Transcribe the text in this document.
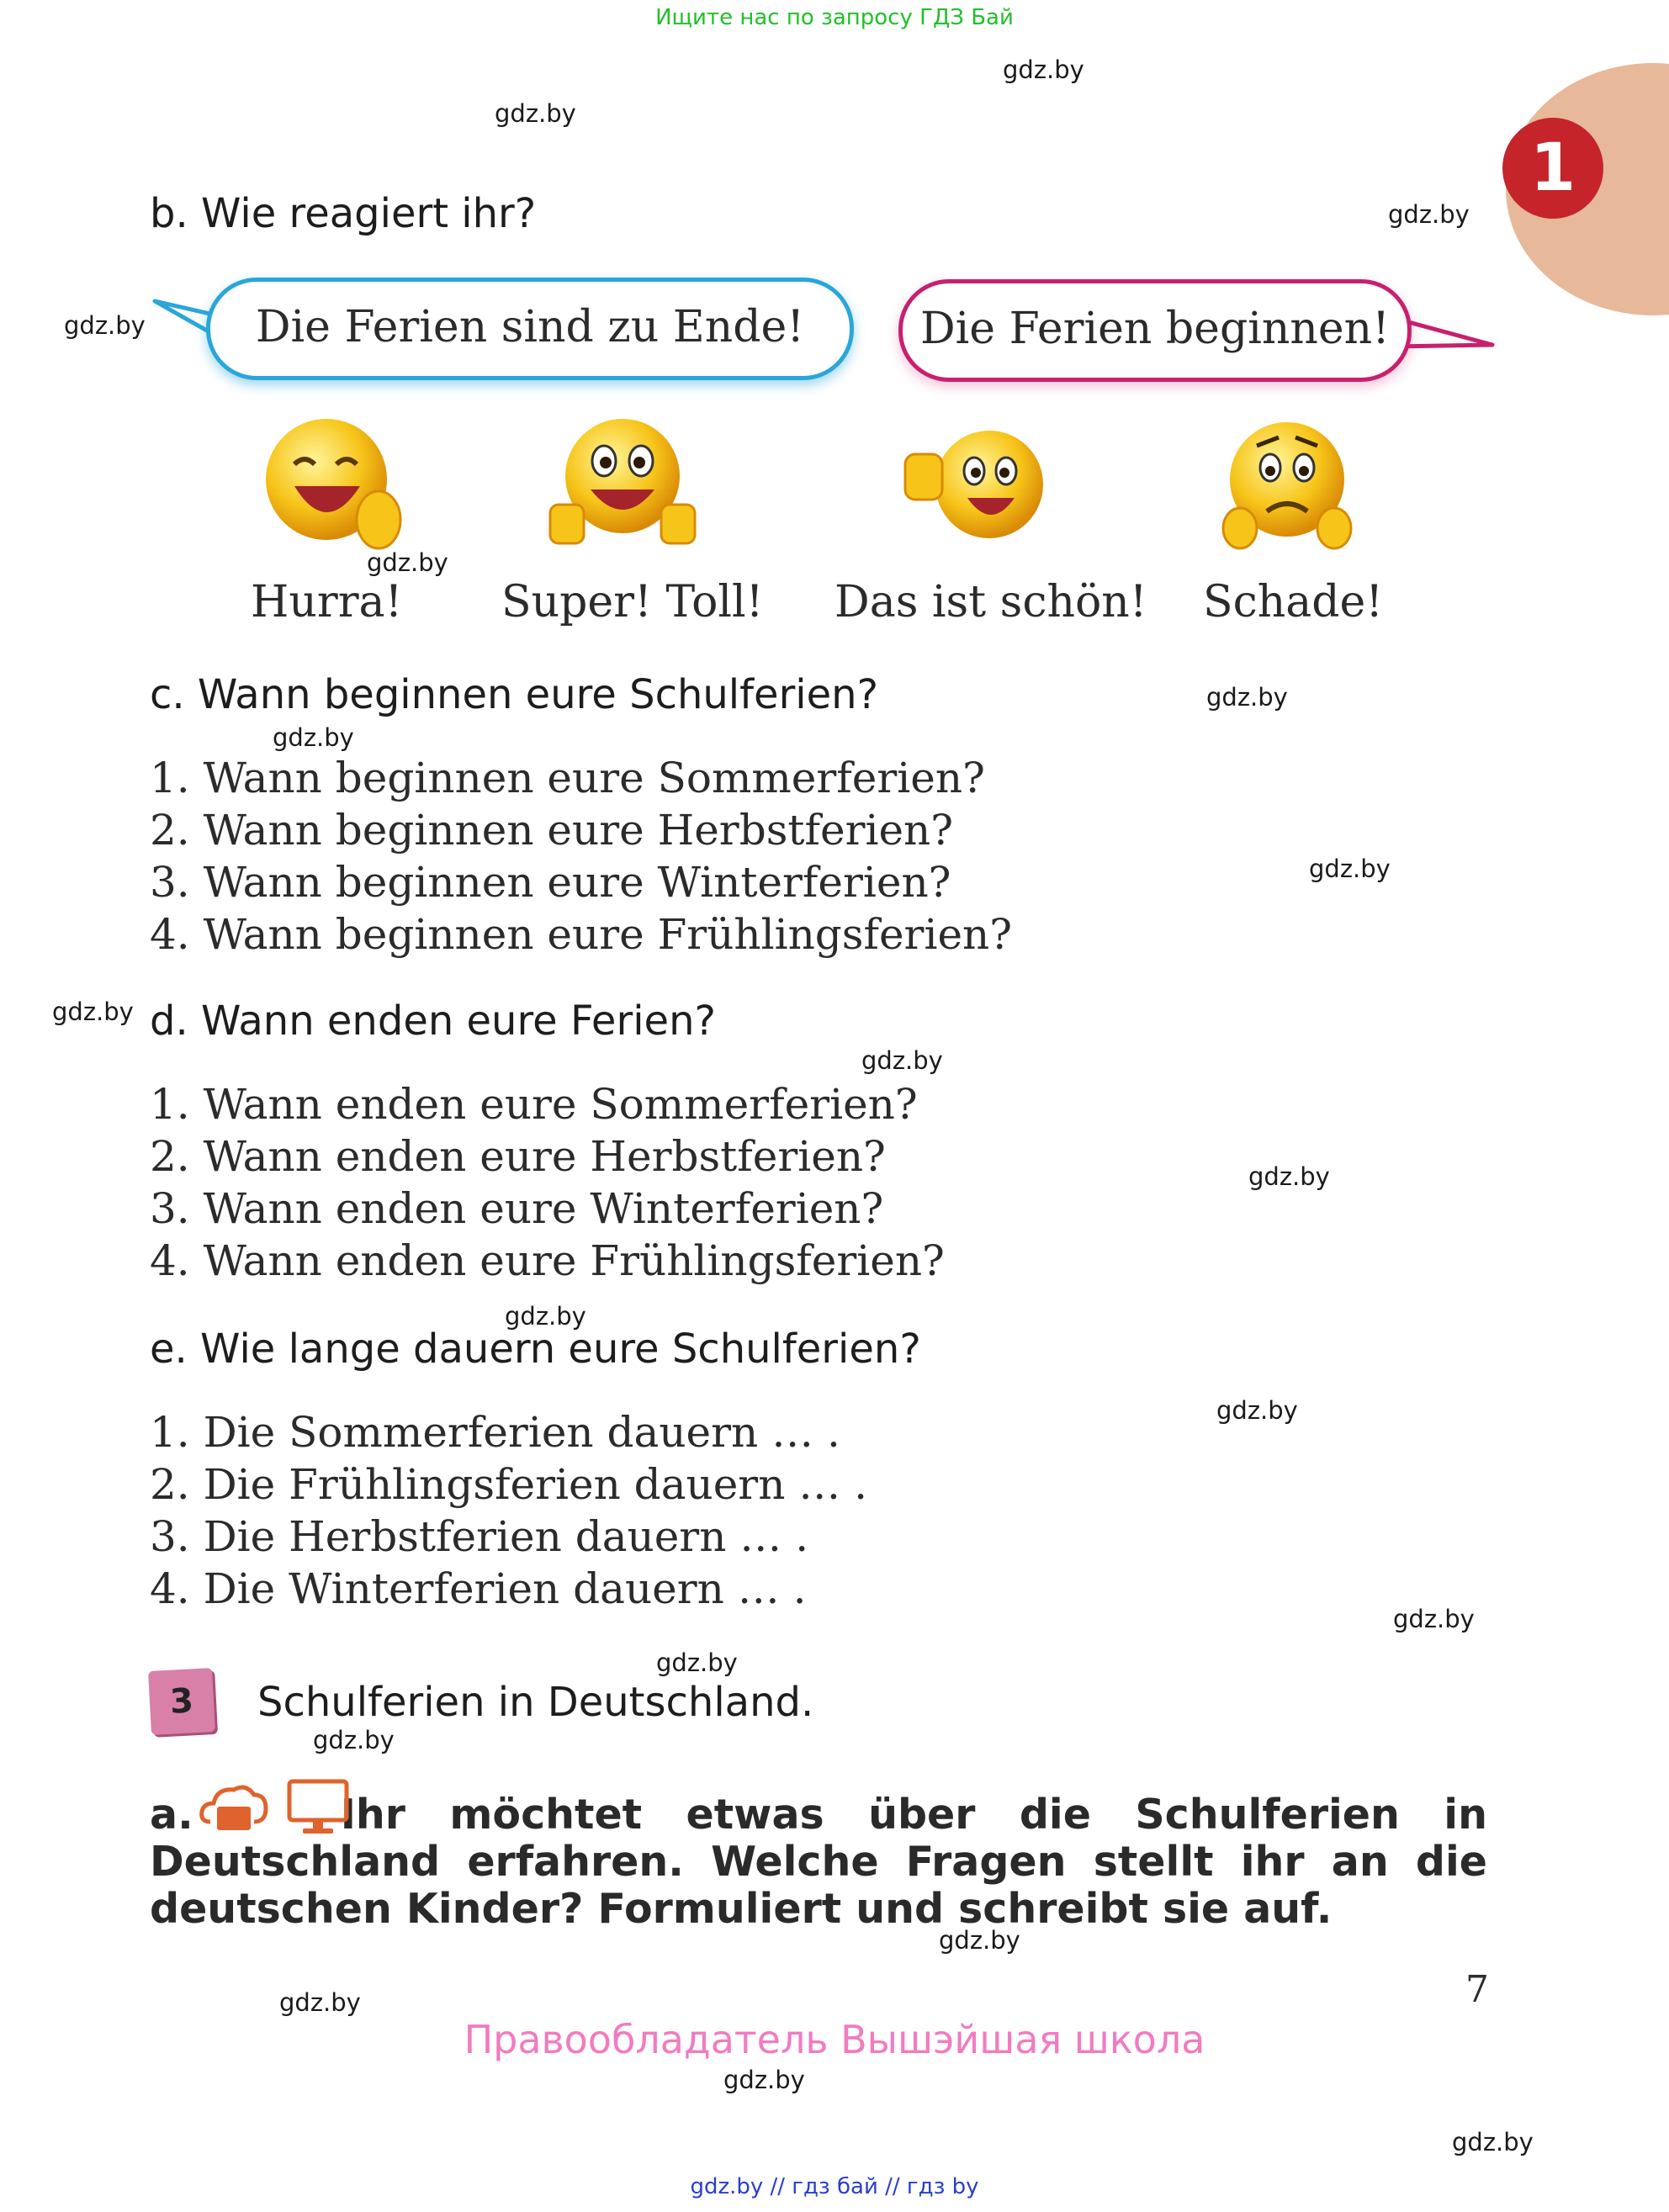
Ищите нас по запросу ГДЗ Бай
1
gdz.by
gdz.by
gdz.by
gdz.by
gdz.by
gdz.by
gdz.by
gdz.by
gdz.by
gdz.by
gdz.by
gdz.by
gdz.by
gdz.by
gdz.by
gdz.by
gdz.by
gdz.by
gdz.by
gdz.by
b. Wie reagiert ihr?
Die Ferien sind zu Ende!	Die Ferien beginnen!
Hurra! Super! Toll! Das ist schön! Schade!
c. Wann beginnen eure Schulferien?
1. Wann beginnen eure Sommerferien?
2. Wann beginnen eure Herbstferien?
3. Wann beginnen eure Winterferien?
4. Wann beginnen eure Frühlingsferien?
d. Wann enden eure Ferien?
1. Wann enden eure Sommerferien?
2. Wann enden eure Herbstferien?
3. Wann enden eure Winterferien?
4. Wann enden eure Frühlingsferien?
e. Wie lange dauern eure Schulferien?
1. Die Sommerferien dauern … .
2. Die Frühlingsferien dauern … .
3. Die Herbstferien dauern … .
4. Die Winterferien dauern … .
3	Schulferien in Deutschland.
a.	Ihr möchtet etwas über die Schulferien in Deutschland erfahren. Welche Fragen stellt ihr an die deutschen Kinder? Formuliert und schreibt sie auf.
7
Правообладатель Вышэйшая школа
gdz.by // гдз бай // гдз by
